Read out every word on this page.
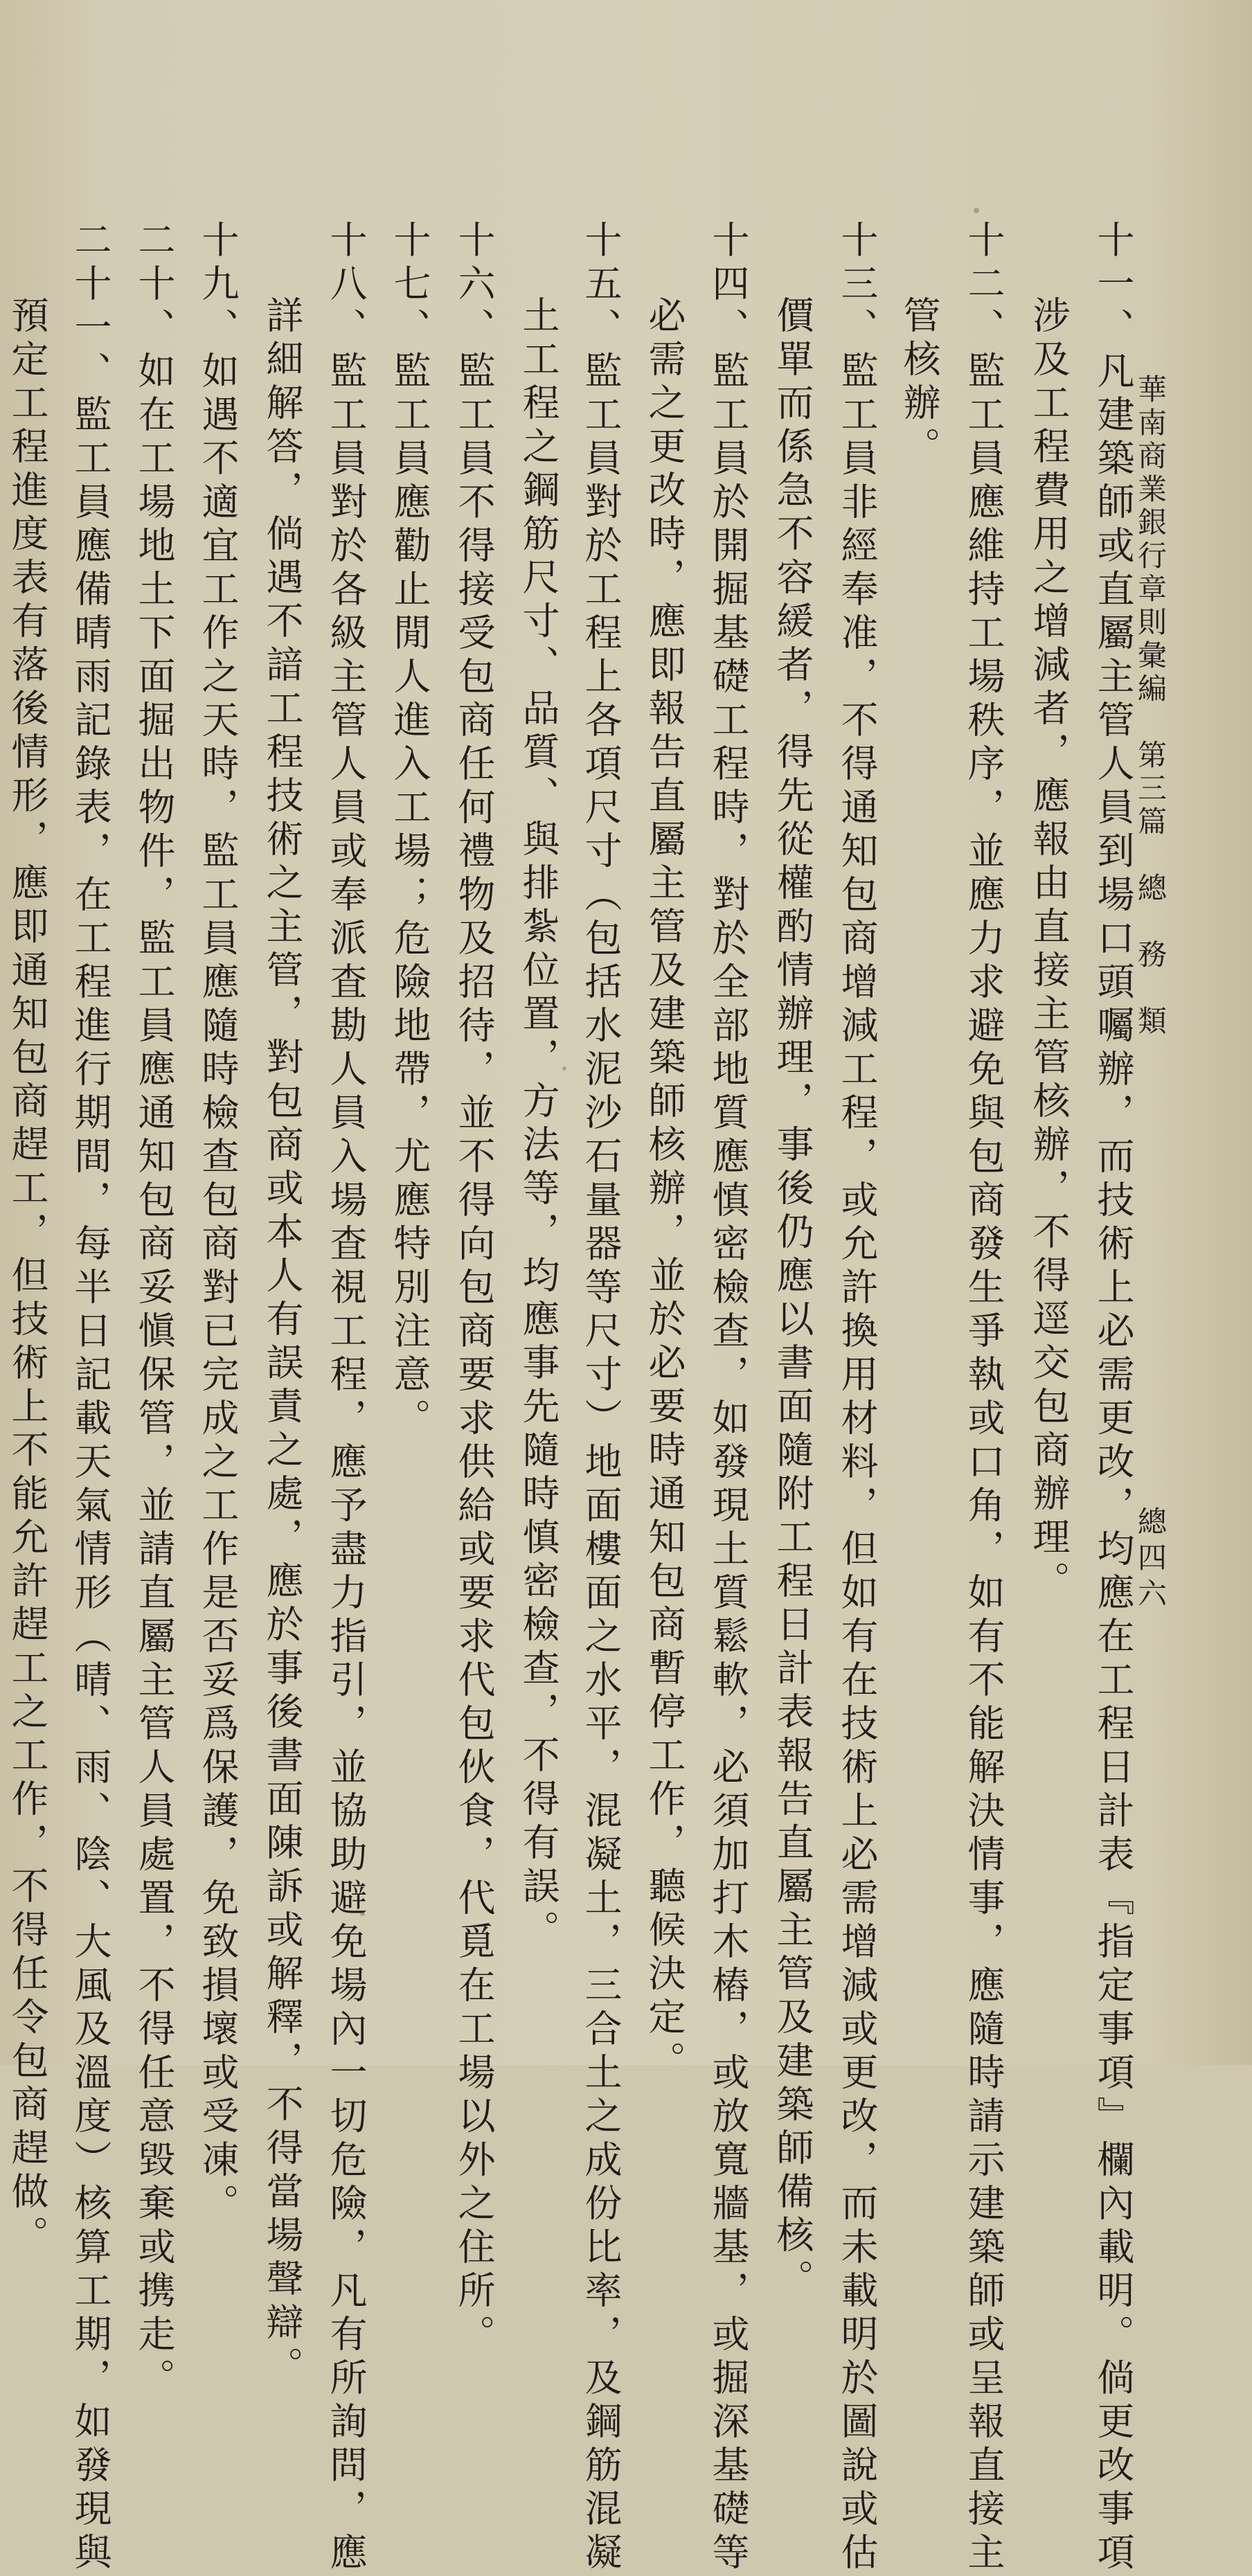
華南商業銀行章則彙編　第三篇　總　務　類
總四六
十一、凡建築師或直屬主管人員到場口頭囑辦，而技術上必需更改，均應在工程日計表『指定事項』欄內載明。倘更改事項
涉及工程費用之增減者，應報由直接主管核辦，不得逕交包商辦理。
十二、監工員應維持工場秩序，並應力求避免與包商發生爭執或口角，如有不能解決情事，應隨時請示建築師或呈報直接主
管核辦。
十三、監工員非經奉准，不得通知包商增減工程，或允許換用材料，但如有在技術上必需增減或更改，而未載明於圖說或估
價單而係急不容緩者，得先從權酌情辦理，事後仍應以書面隨附工程日計表報告直屬主管及建築師備核。
十四、監工員於開掘基礎工程時，對於全部地質應慎密檢查，如發現土質鬆軟，必須加打木樁，或放寬牆基，或掘深基礎等
必需之更改時，應即報告直屬主管及建築師核辦，並於必要時通知包商暫停工作，聽候決定。
十五、監工員對於工程上各項尺寸（包括水泥沙石量器等尺寸）地面樓面之水平，混凝土，三合土之成份比率，及鋼筋混凝
土工程之鋼筋尺寸、品質、與排紮位置，方法等，均應事先隨時慎密檢查，不得有誤。
十六、監工員不得接受包商任何禮物及招待，並不得向包商要求供給或要求代包伙食，代覓在工場以外之住所。
十七、監工員應勸止閒人進入工場；危險地帶，尤應特別注意。
十八、監工員對於各級主管人員或奉派査勘人員入場査視工程，應予盡力指引，並協助避免場內一切危險，凡有所詢問，應
詳細解答，倘遇不諳工程技術之主管，對包商或本人有誤責之處，應於事後書面陳訴或解釋，不得當場聲辯。
十九、如遇不適宜工作之天時，監工員應隨時檢查包商對已完成之工作是否妥爲保護，免致損壞或受凍。
二十、如在工場地土下面掘出物件，監工員應通知包商妥愼保管，並請直屬主管人員處置，不得任意毀棄或携走。
二十一、監工員應備晴雨記錄表，在工程進行期間，每半日記載天氣情形（晴、雨、陰、大風及溫度）核算工期，如發現與
預定工程進度表有落後情形，應即通知包商趕工，但技術上不能允許趕工之工作，不得任令包商趕做。
